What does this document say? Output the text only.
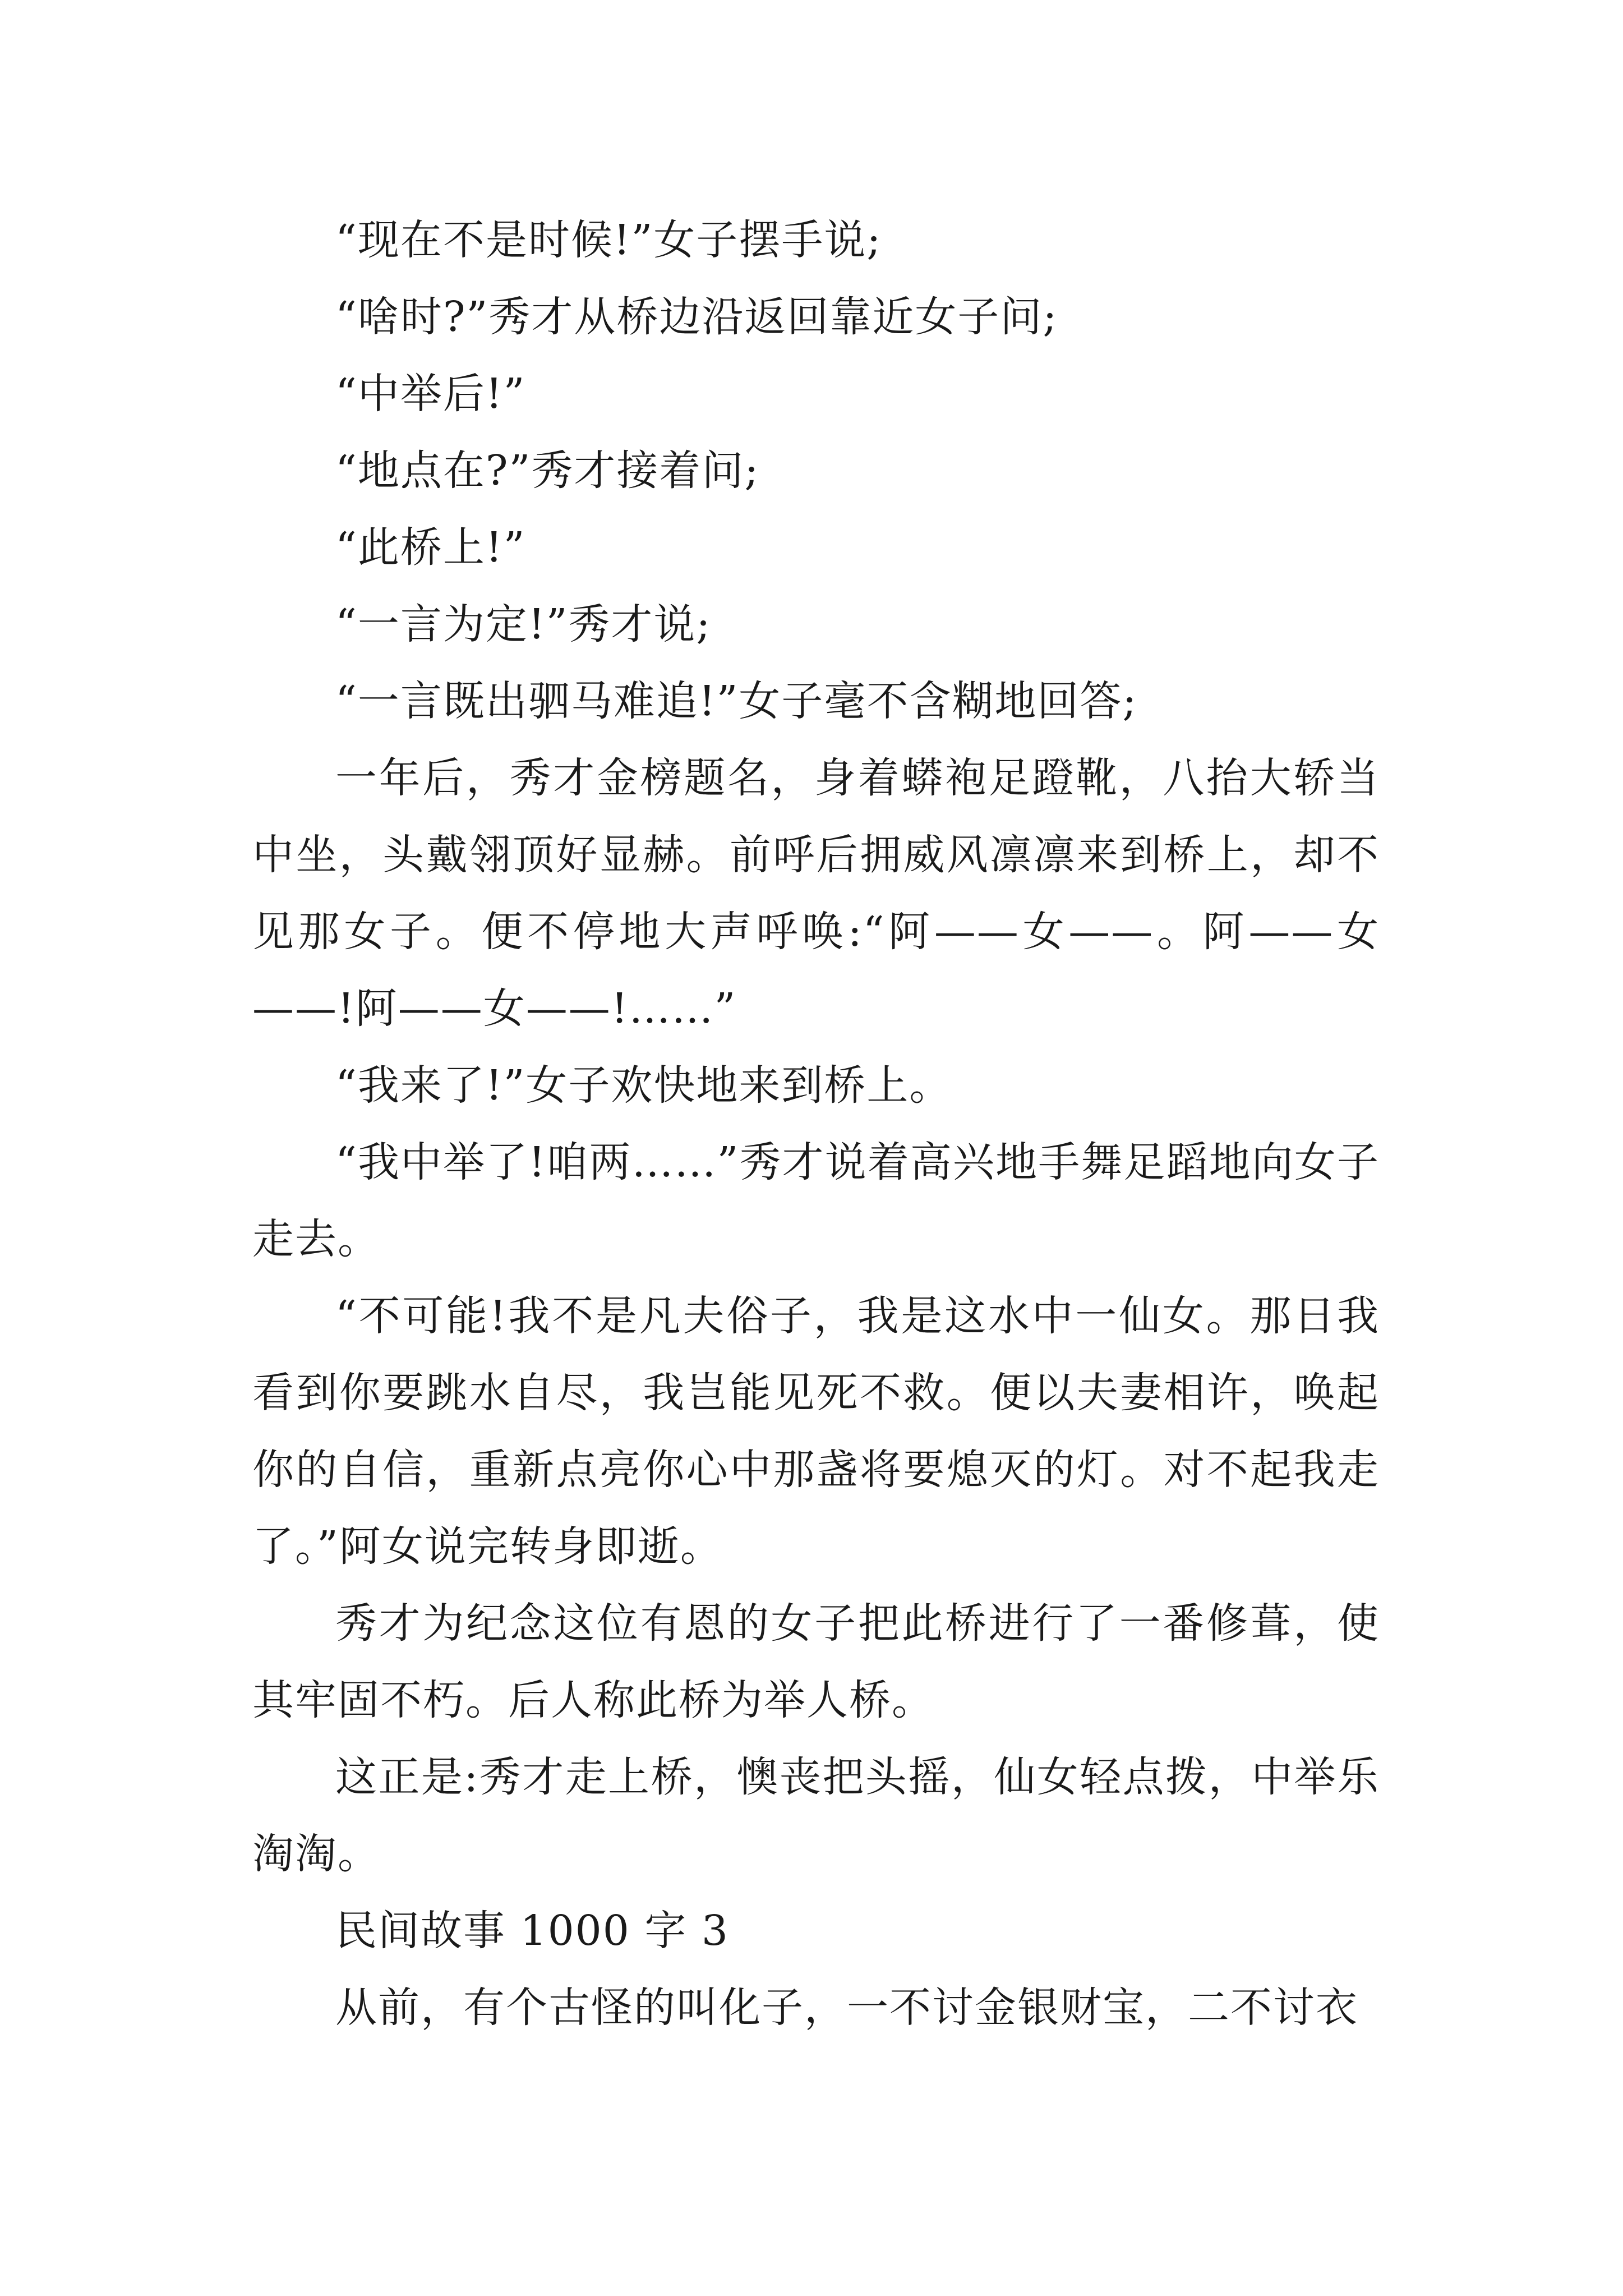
“现在不是时候!”女子摆手说;

“啥时?”秀才从桥边沿返回靠近女子问;

“中举后!”

“地点在?”秀才接着问;

“此桥上!”

“一言为定!”秀才说;

“一言既出驷马难追!”女子毫不含糊地回答;

一年后，秀才金榜题名，身着蟒袍足蹬靴，八抬大轿当中坐，头戴翎顶好显赫。前呼后拥威风凛凛来到桥上，却不见那女子。便不停地大声呼唤:“阿——女——。阿——女——!阿——女——!……”

“我来了!”女子欢快地来到桥上。

“我中举了!咱两……”秀才说着高兴地手舞足蹈地向女子走去。

“不可能!我不是凡夫俗子，我是这水中一仙女。那日我看到你要跳水自尽，我岂能见死不救。便以夫妻相许，唤起你的自信，重新点亮你心中那盏将要熄灭的灯。对不起我走了。”阿女说完转身即逝。

秀才为纪念这位有恩的女子把此桥进行了一番修葺，使其牢固不朽。后人称此桥为举人桥。

这正是:秀才走上桥，懊丧把头摇，仙女轻点拨，中举乐淘淘。

民间故事 1000 字 3

从前，有个古怪的叫化子，一不讨金银财宝，二不讨衣
